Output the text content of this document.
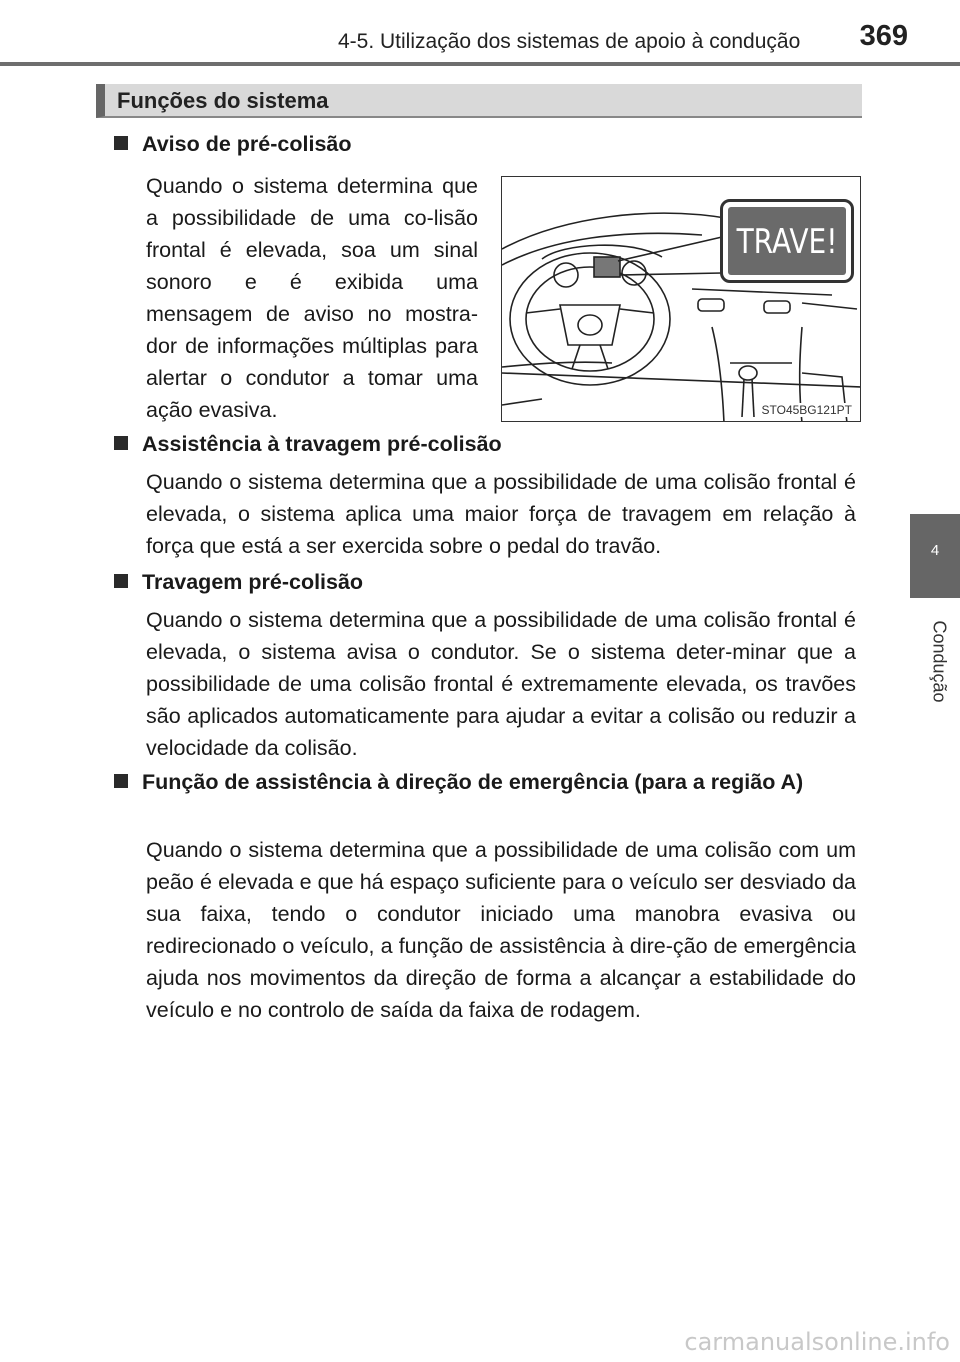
4-5. Utilização dos sistemas de apoio à condução	369
4
Condução
Funções do sistema
Aviso de pré-colisão
Quando o sistema determina que a possibilidade de uma co-lisão frontal é elevada, soa um sinal sonoro e é exibida uma mensagem de aviso no mostra-dor de informações múltiplas para alertar o condutor a tomar uma ação evasiva.
TRAVE!
STO45BG121PT
Assistência à travagem pré-colisão
Quando o sistema determina que a possibilidade de uma colisão frontal é elevada, o sistema aplica uma maior força de travagem em relação à força que está a ser exercida sobre o pedal do travão.
Travagem pré-colisão
Quando o sistema determina que a possibilidade de uma colisão frontal é elevada, o sistema avisa o condutor. Se o sistema deter-minar que a possibilidade de uma colisão frontal é extremamente elevada, os travões são aplicados automaticamente para ajudar a evitar a colisão ou reduzir a velocidade da colisão.
Função de assistência à direção de emergência (para a região A)
Quando o sistema determina que a possibilidade de uma colisão com um peão é elevada e que há espaço suficiente para o veículo ser desviado da sua faixa, tendo o condutor iniciado uma manobra evasiva ou redirecionado o veículo, a função de assistência à dire-ção de emergência ajuda nos movimentos da direção de forma a alcançar a estabilidade do veículo e no controlo de saída da faixa de rodagem.
carmanualsonline.info
